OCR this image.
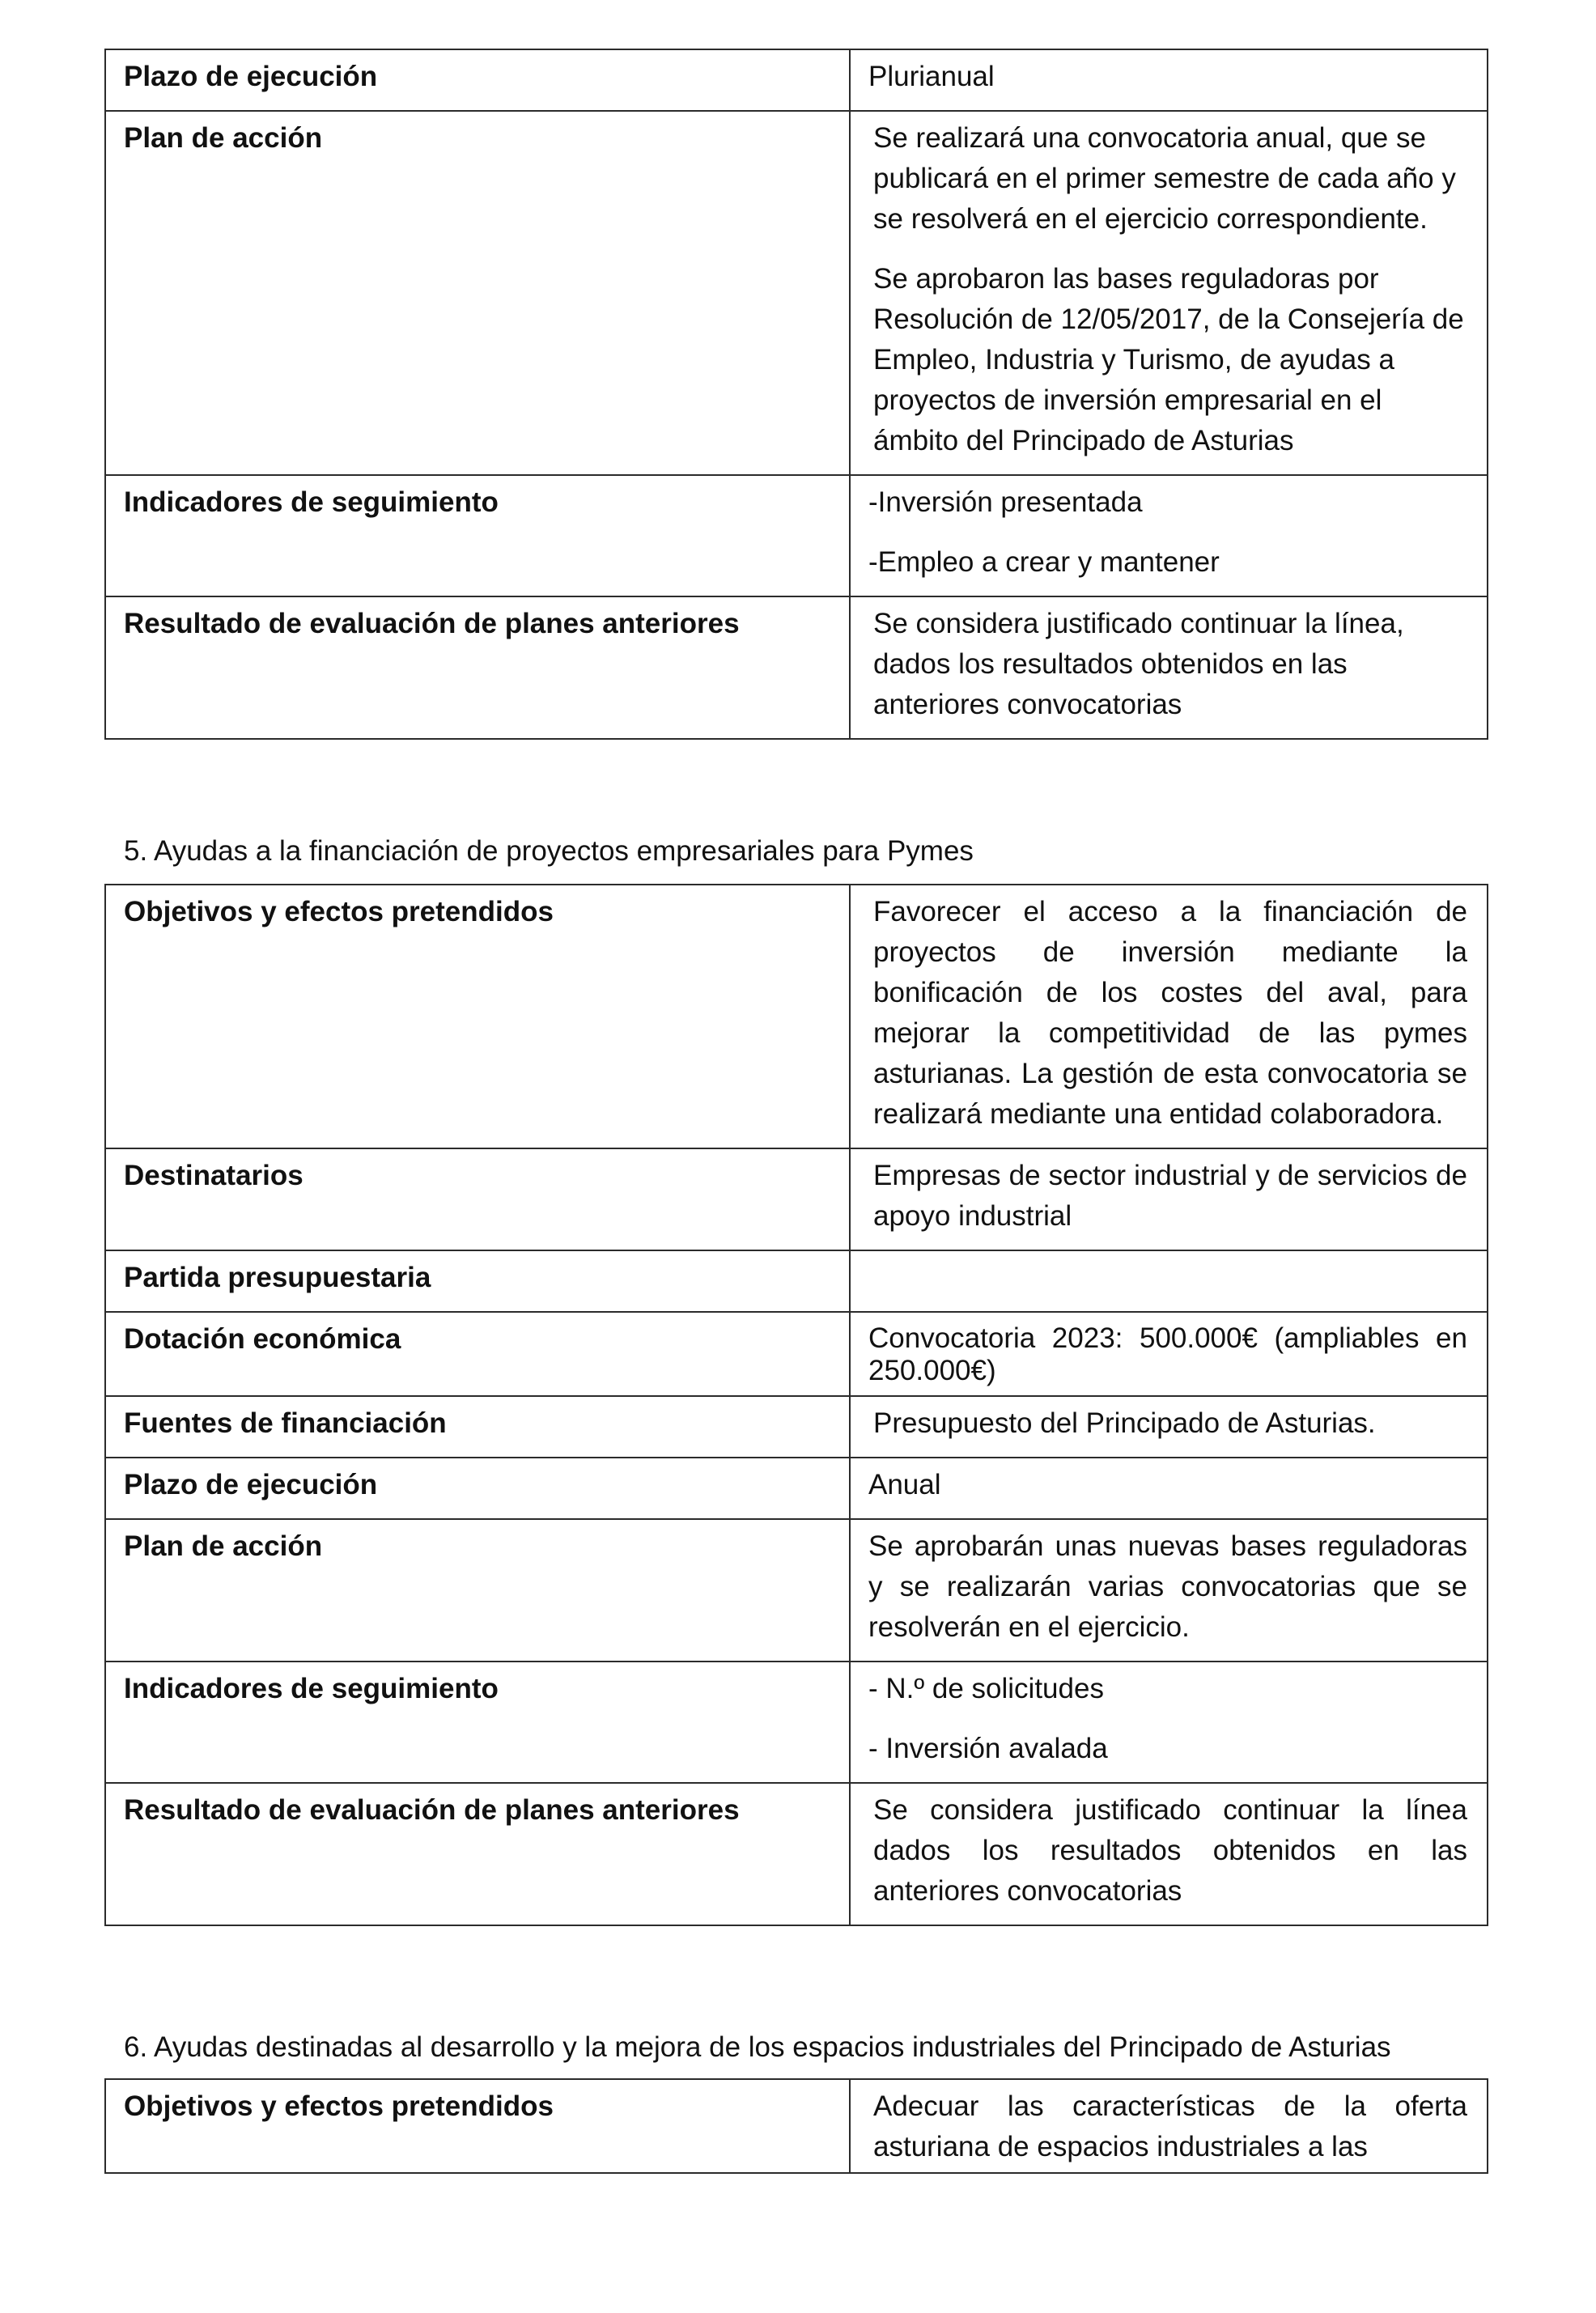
Plazo de ejecución	Plurianual

Plan de acción	Se realizará una convocatoria anual, que se publicará en el primer semestre de cada año y se resolverá en el ejercicio correspondiente.

Se aprobaron las bases reguladoras por Resolución de 12/05/2017, de la Consejería de Empleo, Industria y Turismo, de ayudas a proyectos de inversión empresarial en el ámbito del Principado de Asturias

Indicadores de seguimiento	-Inversión presentada

-Empleo a crear y mantener

Resultado de evaluación de planes anteriores	Se considera justificado continuar la línea, dados los resultados obtenidos en las anteriores convocatorias

5. Ayudas a la financiación de proyectos empresariales para Pymes
Objetivos y efectos pretendidos	Favorecer el acceso a la financiación de proyectos de inversión mediante la bonificación de los costes del aval, para mejorar la competitividad de las pymes asturianas. La gestión de esta convocatoria se realizará mediante una entidad colaboradora.

Destinatarios	Empresas de sector industrial y de servicios de apoyo industrial

Partida presupuestaria	

Dotación económica	Convocatoria 2023: 500.000€ (ampliables en 250.000€)

Fuentes de financiación	Presupuesto del Principado de Asturias.

Plazo de ejecución	Anual

Plan de acción	Se aprobarán unas nuevas bases reguladoras y se realizarán varias convocatorias que se resolverán en el ejercicio.

Indicadores de seguimiento	- N.º de solicitudes

- Inversión avalada

Resultado de evaluación de planes anteriores	Se considera justificado continuar la línea dados los resultados obtenidos en las anteriores convocatorias

6. Ayudas destinadas al desarrollo y la mejora de los espacios industriales del Principado de Asturias
Objetivos y efectos pretendidos	Adecuar las características de la oferta asturiana de espacios industriales a las
